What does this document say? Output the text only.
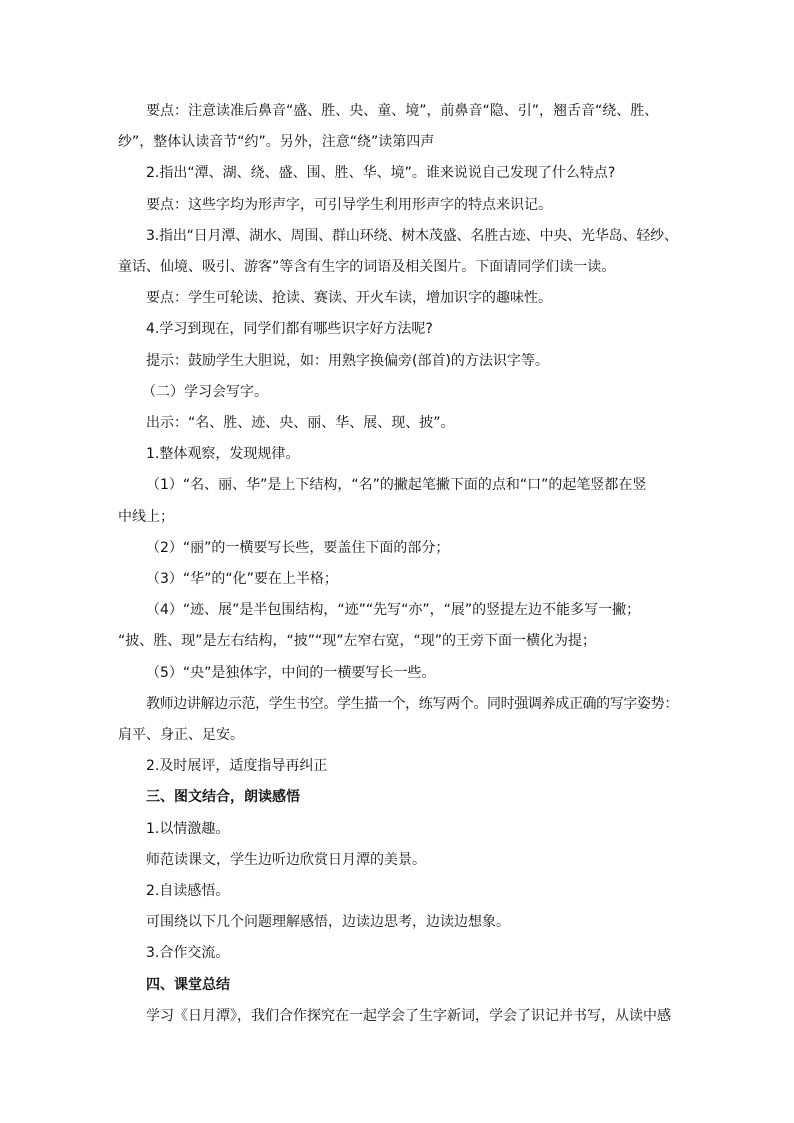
要点：注意读准后鼻音“盛、胜、央、童、境”，前鼻音“隐、引”，翘舌音“绕、胜、

纱”，整体认读音节“约”。另外，注意“绕”读第四声

2.指出“潭、湖、绕、盛、围、胜、华、境”。谁来说说自己发现了什么特点?

要点：这些字均为形声字，可引导学生利用形声字的特点来识记。

3.指出“日月潭、湖水、周围、群山环绕、树木茂盛、名胜古迹、中央、光华岛、轻纱、

童话、仙境、吸引、游客”等含有生字的词语及相关图片。下面请同学们读一读。

要点：学生可轮读、抢读、赛读、开火车读，增加识字的趣味性。

4.学习到现在，同学们都有哪些识字好方法呢?

提示：鼓励学生大胆说，如：用熟字换偏旁(部首)的方法识字等。

（二）学习会写字。

出示：“名、胜、迹、央、丽、华、展、现、披”。

1.整体观察，发现规律。

（1）“名、丽、华”是上下结构，“名”的撇起笔撇下面的点和“口”的起笔竖都在竖

中线上；

（2）“丽”的一横要写长些，要盖住下面的部分；

（3）“华”的“化”要在上半格；

（4）“迹、展”是半包围结构，“迹”“先写“亦”，“展”的竖提左边不能多写一撇；

“披、胜、现”是左右结构，“披”“现”左窄右宽，“现”的王旁下面一横化为提；

（5）“央”是独体字，中间的一横要写长一些。

教师边讲解边示范，学生书空。学生描一个，练写两个。同时强调养成正确的写字姿势：

肩平、身正、足安。

2.及时展评，适度指导再纠正

三、图文结合，朗读感悟

1.以情激趣。

师范读课文，学生边听边欣赏日月潭的美景。

2.自读感悟。

可围绕以下几个问题理解感悟，边读边思考，边读边想象。

3.合作交流。

四、课堂总结

学习《日月潭》，我们合作探究在一起学会了生字新词，学会了识记并书写，从读中感
